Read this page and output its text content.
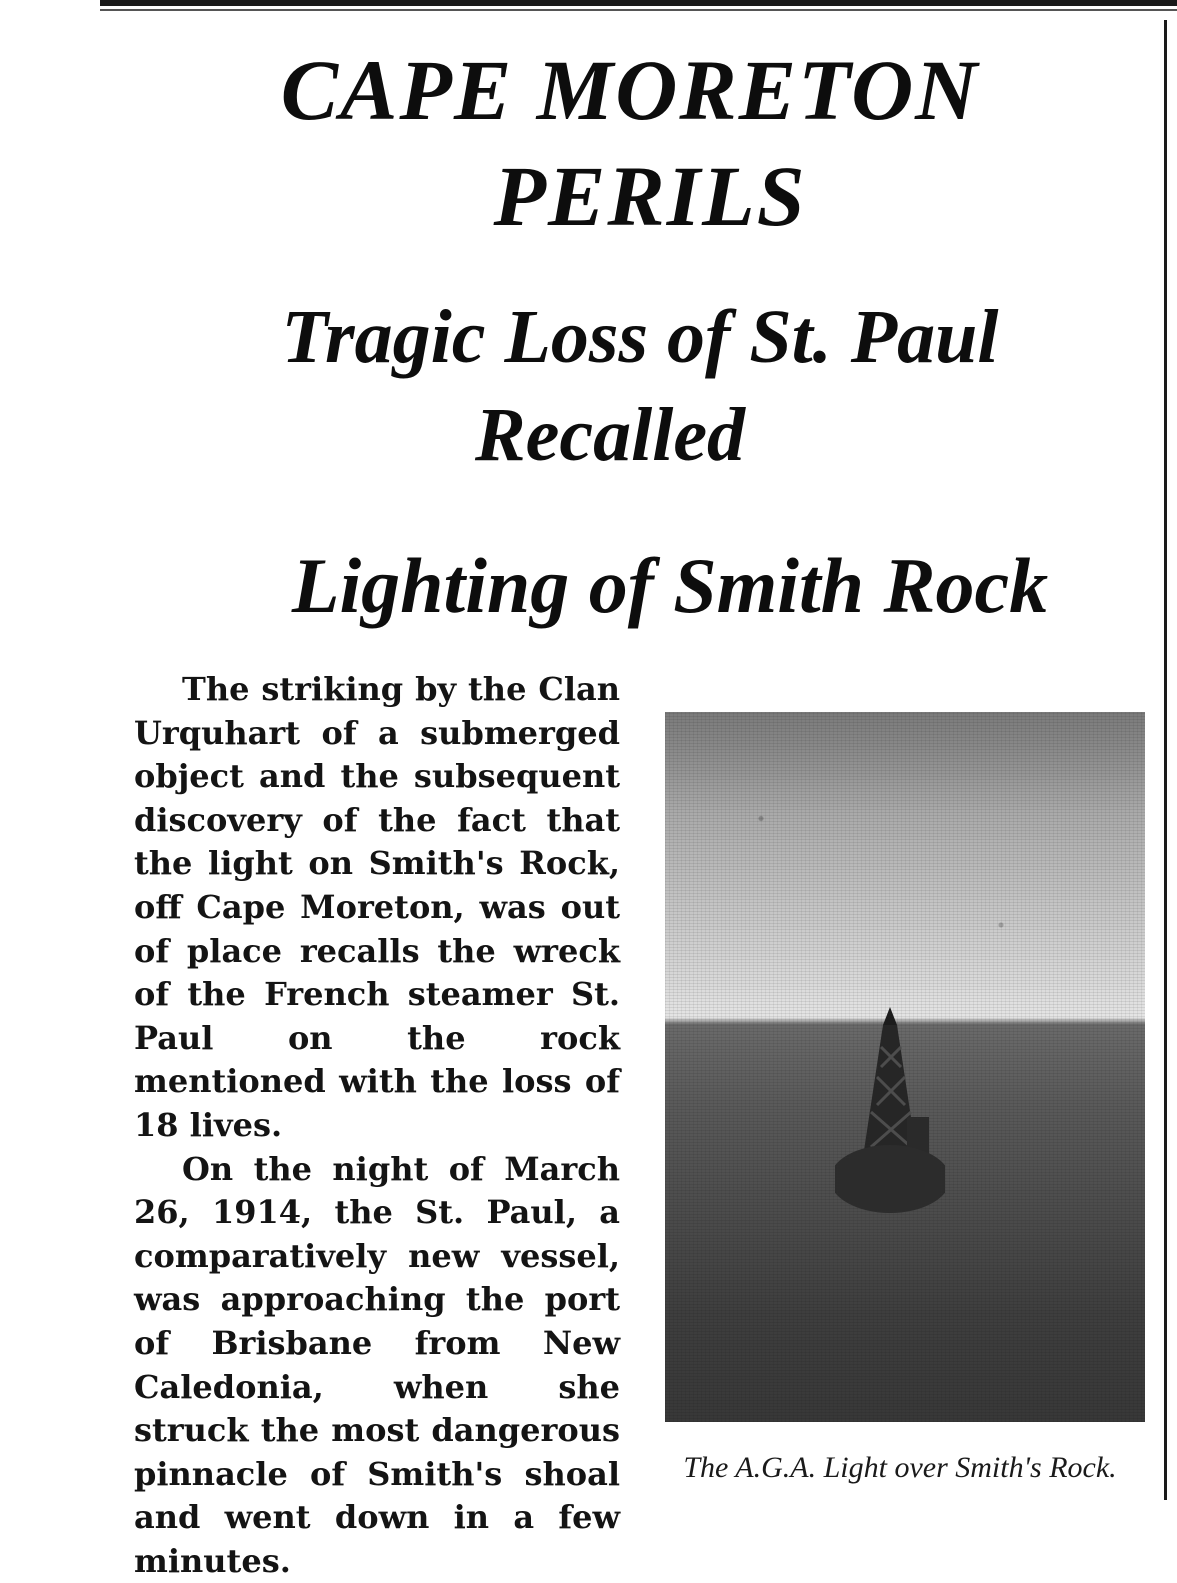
CAPE MORETON
PERILS
Tragic Loss of St. Paul
Recalled
Lighting of Smith Rock

The striking by the Clan Urquhart of a submerged object and the subsequent discovery of the fact that the light on Smith's Rock, off Cape Moreton, was out of place recalls the wreck of the French steamer St. Paul on the rock mentioned with the loss of 18 lives.

On the night of March 26, 1914, the St. Paul, a comparatively new vessel, was approaching the port of Brisbane from New Caledonia, when she struck the most dangerous pinnacle of Smith's shoal and went down in a few minutes.

The A.G.A. Light over Smith's Rock.
